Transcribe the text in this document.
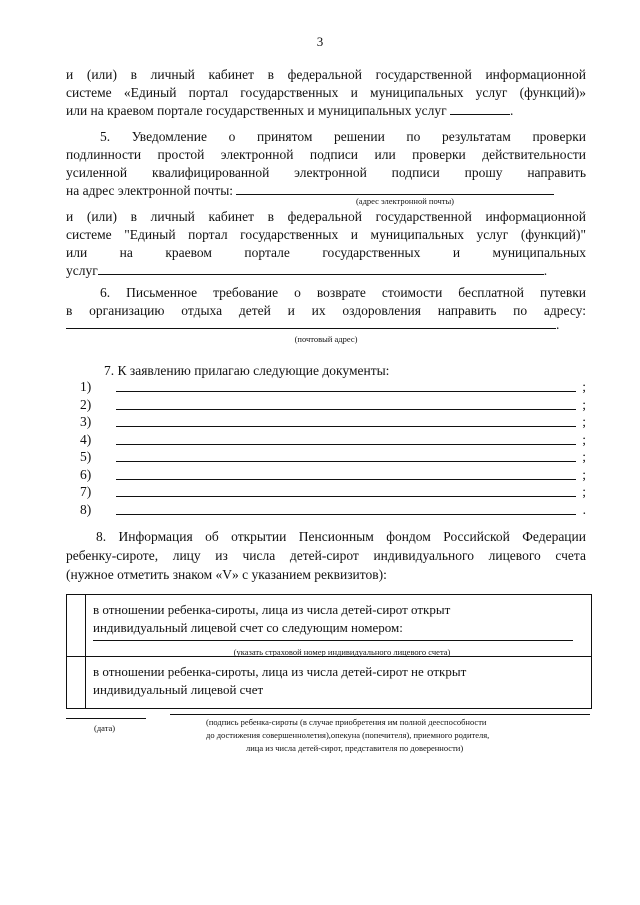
3
и (или) в личный кабинет в федеральной государственной информационной
системе «Единый портал государственных и муниципальных услуг (функций)»
или на краевом портале государственных и муниципальных услуг	.
5. Уведомление о принятом решении по результатам проверки
подлинности простой электронной подписи или проверки действительности
усиленной квалифицированной электронной подписи прошу направить
на адрес электронной почты:
(адрес электронной почты)
и (или) в личный кабинет в федеральной государственной информационной
системе "Единый портал государственных и муниципальных услуг (функций)"
или на краевом портале государственных и муниципальных
услуг	.
6. Письменное требование о возврате стоимости бесплатной путевки
в организацию отдыха детей и их оздоровления направить по адресу:
.
(почтовый адрес)
7. К заявлению прилагаю следующие документы:
1)	;
2)	;
3)	;
4)	;
5)	;
6)	;
7)	;
8)	.
8. Информация об открытии Пенсионным фондом Российской Федерации
ребенку-сироте, лицу из числа детей-сирот индивидуального лицевого счета
(нужное отметить знаком «V» с указанием реквизитов):
в отношении ребенка-сироты, лица из числа детей-сирот открыт
индивидуальный лицевой счет со следующим номером:
(указать страховой номер индивидуального лицевого счета)
в отношении ребенка-сироты, лица из числа детей-сирот не открыт
индивидуальный лицевой счет
(дата)
(подпись ребенка-сироты (в случае приобретения им полной дееспособности
до достижения совершеннолетия),опекуна (попечителя), приемного родителя,
лица из числа детей-сирот, представителя по доверенности)
